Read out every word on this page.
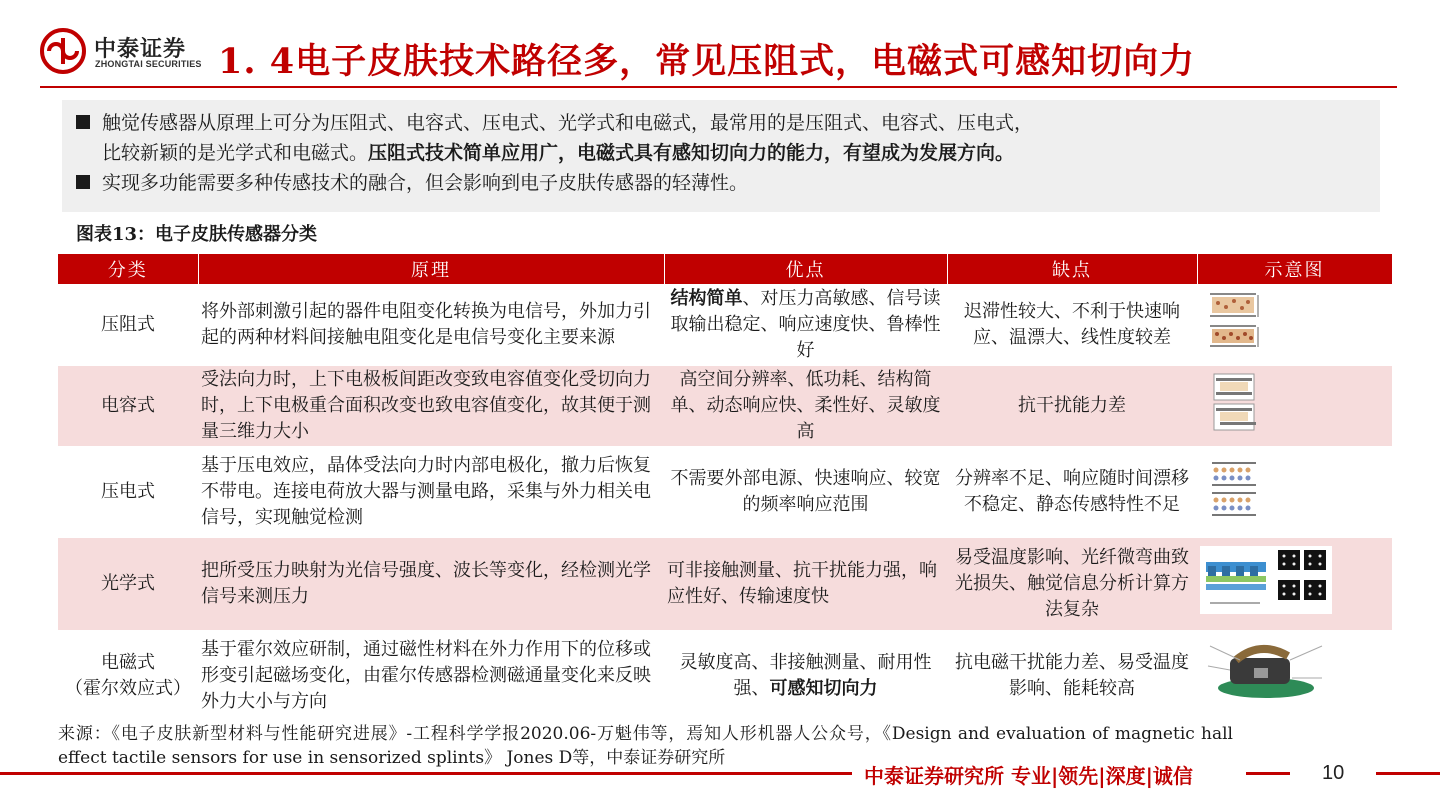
中泰证券
ZHONGTAI SECURITIES 1. 4电子皮肤技术路径多，常见压阻式，电磁式可感知切向力
触觉传感器从原理上可分为压阻式、电容式、压电式、光学式和电磁式，最常用的是压阻式、电容式、压电式，
比较新颖的是光学式和电磁式。压阻式技术简单应用广，电磁式具有感知切向力的能力，有望成为发展方向。
实现多功能需要多种传感技术的融合，但会影响到电子皮肤传感器的轻薄性。
图表13：电子皮肤传感器分类
分类	原理	优点	缺点	示意图
压阻式	将外部刺激引起的器件电阻变化转换为电信号，外加力引起的两种材料间接触电阻变化是电信号变化主要来源	结构简单、对压力高敏感、信号读取输出稳定、响应速度快、鲁棒性好	迟滞性较大、不利于快速响应、温漂大、线性度较差	
电容式	受法向力时，上下电极板间距改变致电容值变化受切向力时，上下电极重合面积改变也致电容值变化，故其便于测量三维力大小	高空间分辨率、低功耗、结构简单、动态响应快、柔性好、灵敏度高	抗干扰能力差	
压电式	基于压电效应，晶体受法向力时内部电极化，撤力后恢复不带电。连接电荷放大器与测量电路，采集与外力相关电信号，实现触觉检测	不需要外部电源、快速响应、较宽的频率响应范围	分辨率不足、响应随时间漂移不稳定、静态传感特性不足	
光学式	把所受压力映射为光信号强度、波长等变化，经检测光学信号来测压力	可非接触测量、抗干扰能力强，响应性好、传输速度快	易受温度影响、光纤微弯曲致光损失、触觉信息分析计算方法复杂	

电磁式
（霍尔效应式）	基于霍尔效应研制，通过磁性材料在外力作用下的位移或形变引起磁场变化，由霍尔传感器检测磁通量变化来反映外力大小与方向	灵敏度高、非接触测量、耐用性强、可感知切向力	抗电磁干扰能力差、易受温度影响、能耗较高	
来源：《电子皮肤新型材料与性能研究进展》-工程科学学报2020.06-万魁伟等，焉知人形机器人公众号，《Design and evaluation of magnetic hall effect tactile sensors for use in sensorized splints》 Jones D等，中泰证券研究所
中泰证券研究所 专业|领先|深度|诚信	10
